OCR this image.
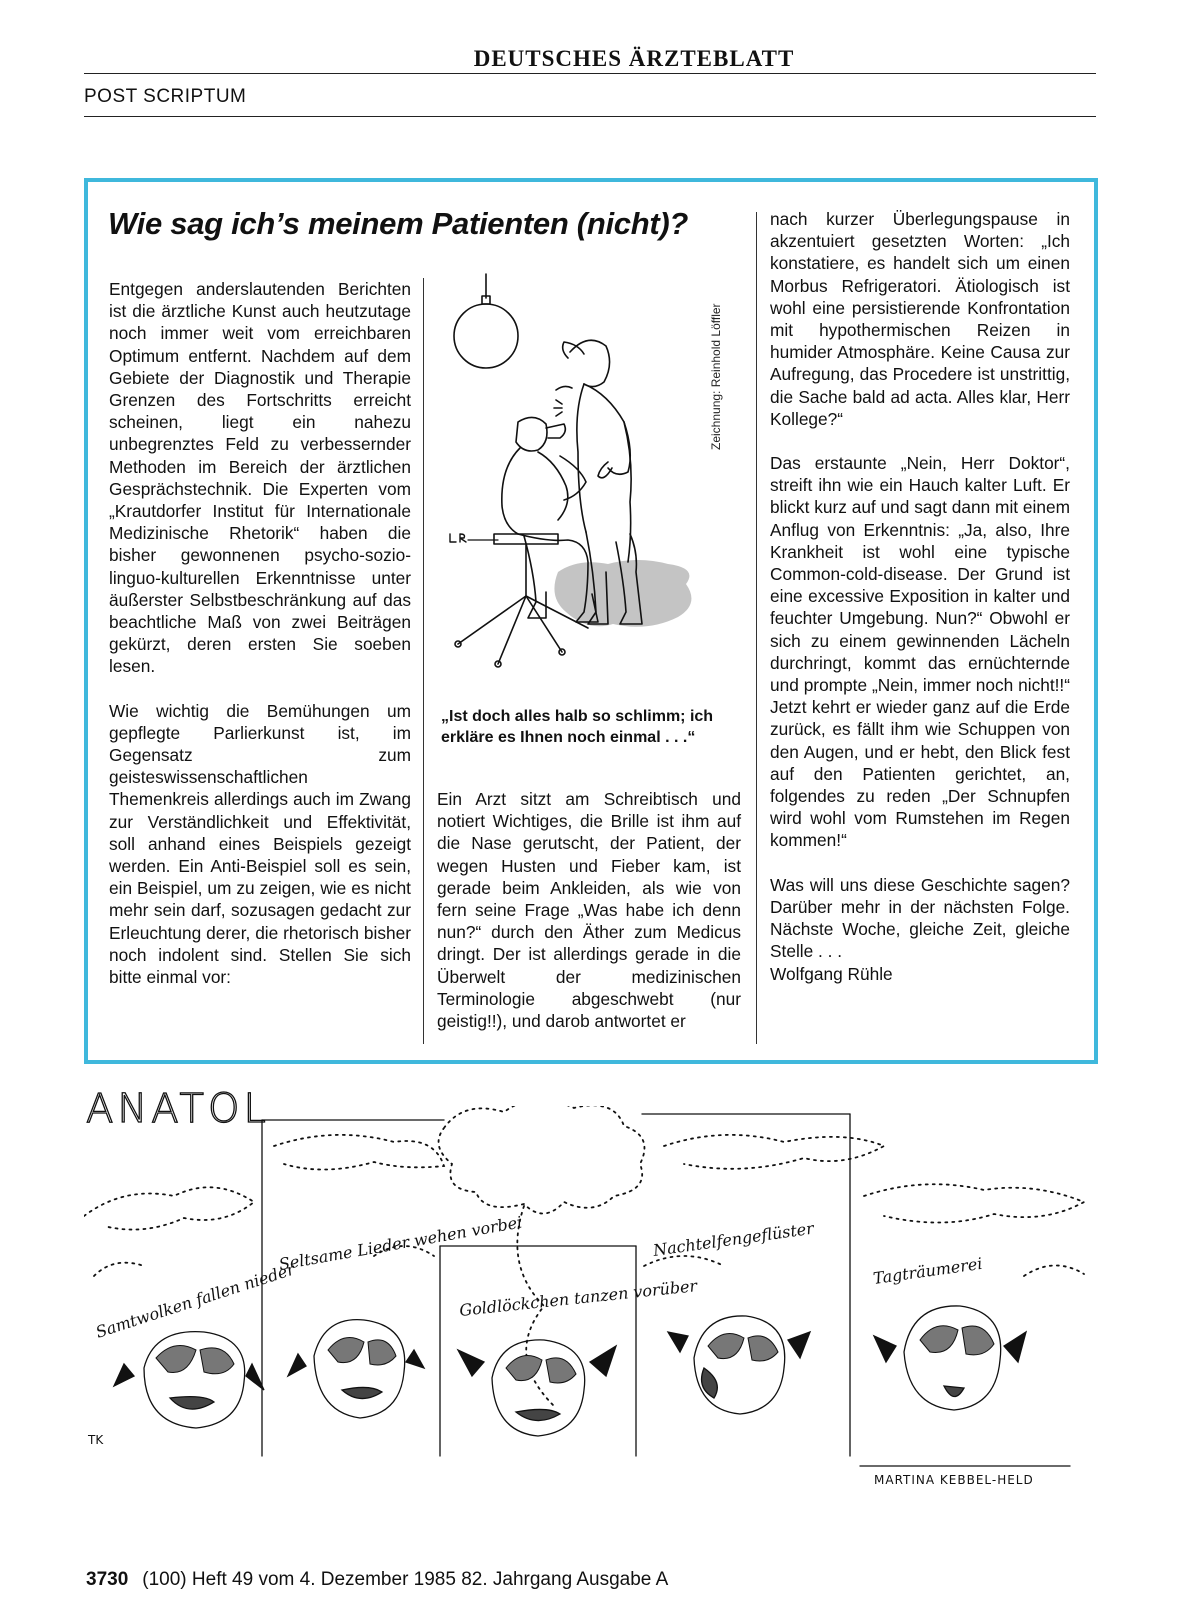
DEUTSCHES ÄRZTEBLATT
POST SCRIPTUM
Wie sag ich’s meinem Patienten (nicht)?

Entgegen anderslautenden Berichten ist die ärztliche Kunst auch heutzutage noch immer weit vom erreichbaren Optimum entfernt. Nachdem auf dem Gebiete der Diagnostik und Therapie Grenzen des Fortschritts erreicht scheinen, liegt ein nahezu unbegrenztes Feld zu verbessernder Methoden im Bereich der ärztlichen Gesprächstechnik. Die Experten vom „Krautdorfer Institut für Internationale Medizinische Rhetorik“ haben die bisher gewonnenen psycho-sozio-linguo-kulturellen Erkenntnisse unter äußerster Selbstbeschränkung auf das beachtliche Maß von zwei Beiträgen gekürzt, deren ersten Sie soeben lesen.

Wie wichtig die Bemühungen um gepflegte Parlierkunst ist, im Gegensatz zum geisteswissenschaftlichen Themenkreis allerdings auch im Zwang zur Verständlichkeit und Effektivität, soll anhand eines Beispiels gezeigt werden. Ein Anti-Beispiel soll es sein, ein Beispiel, um zu zeigen, wie es nicht mehr sein darf, sozusagen gedacht zur Erleuchtung derer, die rhetorisch bisher noch indolent sind. Stellen Sie sich bitte einmal vor:

Zeichnung: Reinhold Löffler
„Ist doch alles halb so schlimm; ich erkläre es Ihnen noch einmal . . .“

Ein Arzt sitzt am Schreibtisch und notiert Wichtiges, die Brille ist ihm auf die Nase gerutscht, der Patient, der wegen Husten und Fieber kam, ist gerade beim Ankleiden, als wie von fern seine Frage „Was habe ich denn nun?“ durch den Äther zum Medicus dringt. Der ist allerdings gerade in die Überwelt der medizinischen Terminologie abgeschwebt (nur geistig!!), und darob antwortet er

nach kurzer Überlegungspause in akzentuiert gesetzten Worten: „Ich konstatiere, es handelt sich um einen Morbus Refrigeratori. Ätiologisch ist wohl eine persistierende Konfrontation mit hypothermischen Reizen in humider Atmosphäre. Keine Causa zur Aufregung, das Procedere ist unstrittig, die Sache bald ad acta. Alles klar, Herr Kollege?“

Das erstaunte „Nein, Herr Doktor“, streift ihn wie ein Hauch kalter Luft. Er blickt kurz auf und sagt dann mit einem Anflug von Erkenntnis: „Ja, also, Ihre Krankheit ist wohl eine typische Common-cold-disease. Der Grund ist eine excessive Exposition in kalter und feuchter Umgebung. Nun?“ Obwohl er sich zu einem gewinnenden Lächeln durchringt, kommt das ernüchternde und prompte „Nein, immer noch nicht!!“ Jetzt kehrt er wieder ganz auf die Erde zurück, es fällt ihm wie Schuppen von den Augen, und er hebt, den Blick fest auf den Patienten gerichtet, an, folgendes zu reden „Der Schnupfen wird wohl vom Rumstehen im Regen kommen!“

Was will uns diese Geschichte sagen? Darüber mehr in der nächsten Folge. Nächste Woche, gleiche Zeit, gleiche Stelle . . .

Wolfgang Rühle

ANATOL
Samtwolken fallen nieder
Seltsame Lieder wehen vorbei
Goldlöckchen tanzen vorüber
Nachtelfengeflüster
Tagträumerei
TK
MARTINA KEBBEL-HELD
3730 (100) Heft 49 vom 4. Dezember 1985 82. Jahrgang Ausgabe A
